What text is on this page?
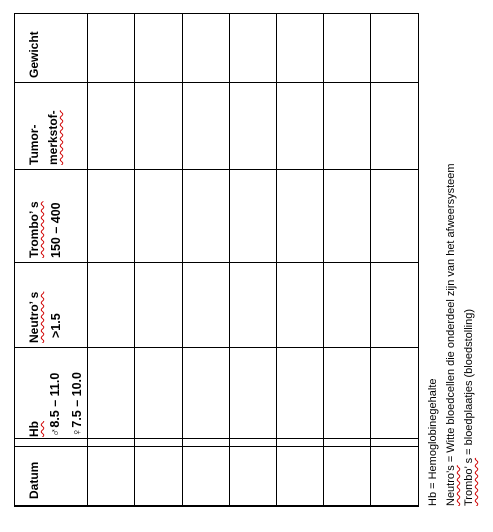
Datum
Hb ♂8.5 – 11.0 ♀7.5 – 10.0
Neutro’ s >1.5
Trombo’ s 150 – 400
Tumor- merkstof-
Gewicht
Hb = Hemoglobinegehalte Neutro’s = Witte bloedcellen die onderdeel zijn van het afweersysteem
Trombo’ s = bloedplaatjes (bloedstolling)
